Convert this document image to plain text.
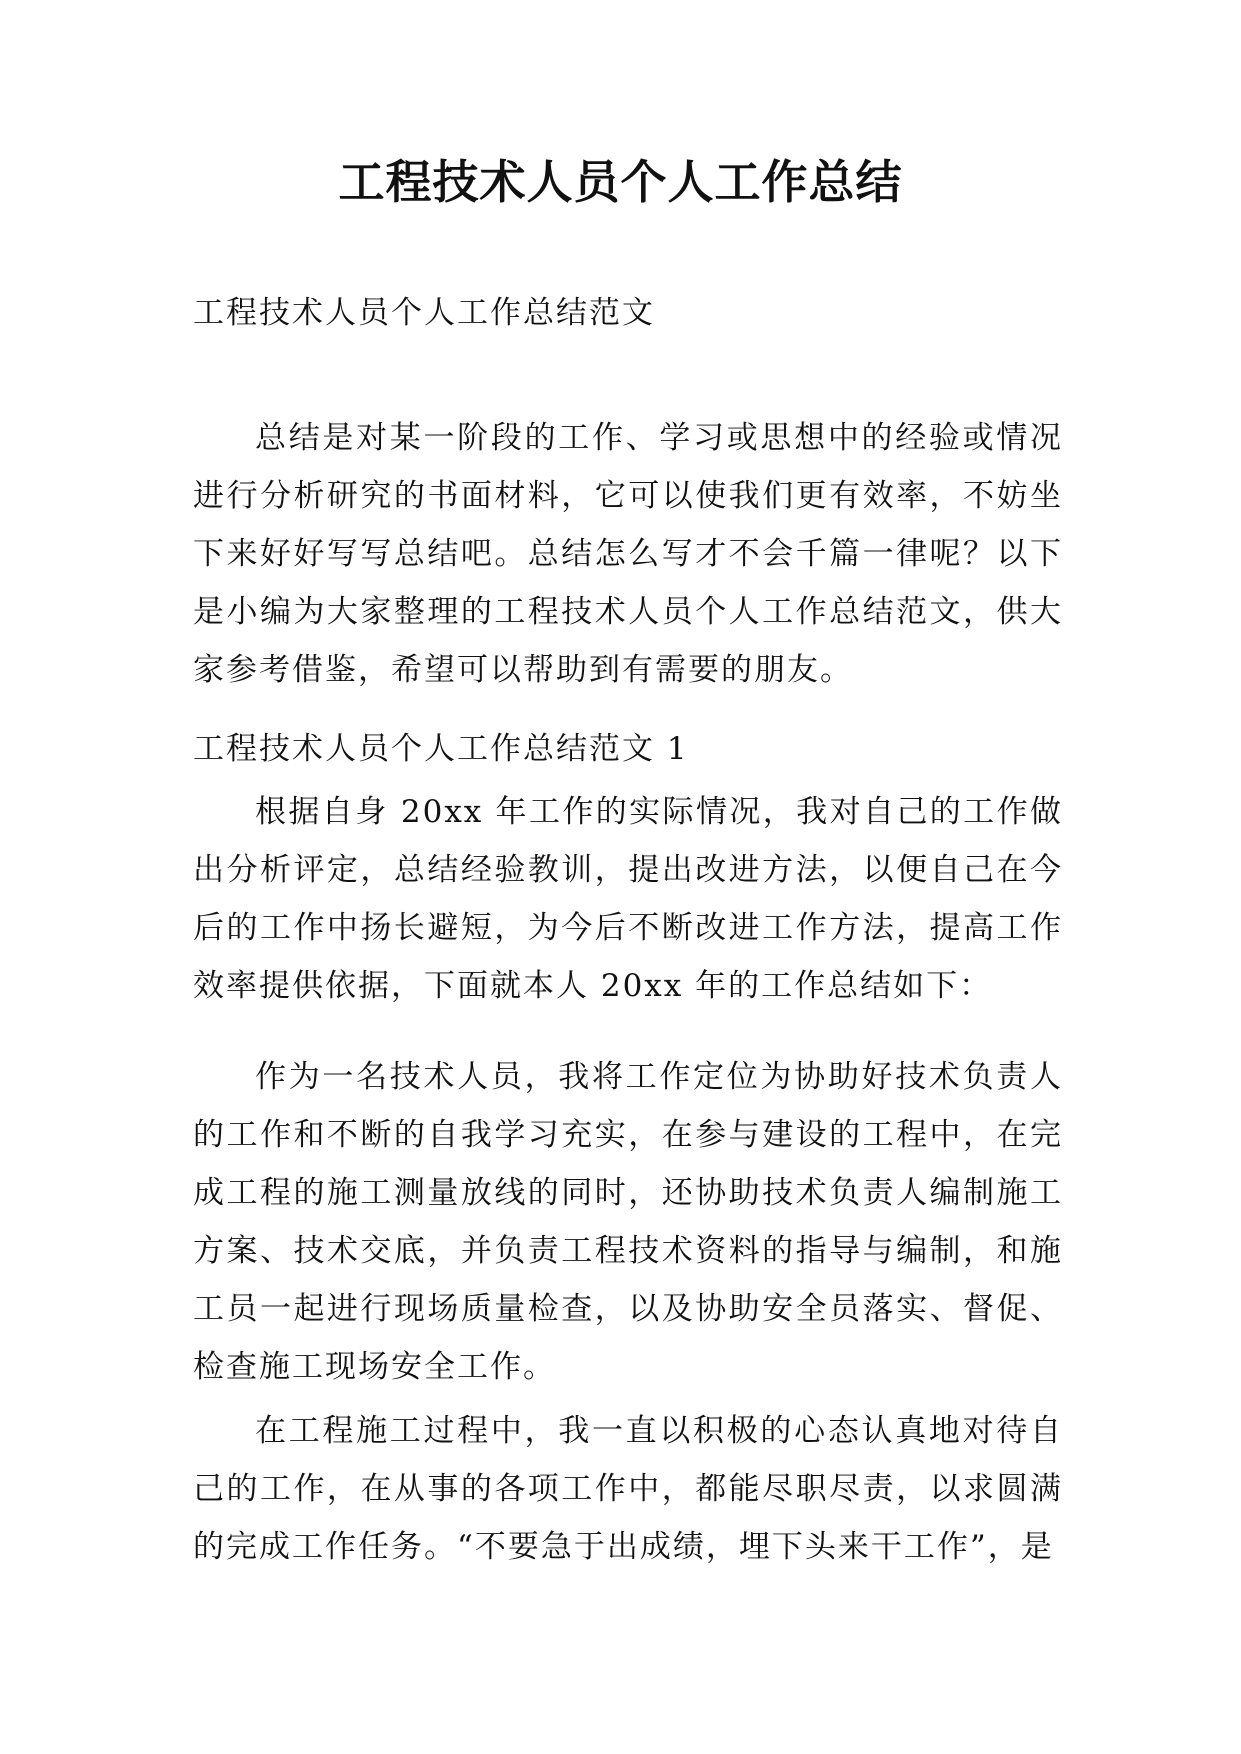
工程技术人员个人工作总结
工程技术人员个人工作总结范文

总结是对某一阶段的工作、学习或思想中的经验或情况进行分析研究的书面材料，它可以使我们更有效率，不妨坐下来好好写写总结吧。总结怎么写才不会千篇一律呢？以下是小编为大家整理的工程技术人员个人工作总结范文，供大家参考借鉴，希望可以帮助到有需要的朋友。

工程技术人员个人工作总结范文 1

根据自身 20xx 年工作的实际情况，我对自己的工作做出分析评定，总结经验教训，提出改进方法，以便自己在今后的工作中扬长避短，为今后不断改进工作方法，提高工作效率提供依据，下面就本人 20xx 年的工作总结如下：

作为一名技术人员，我将工作定位为协助好技术负责人的工作和不断的自我学习充实，在参与建设的工程中，在完成工程的施工测量放线的同时，还协助技术负责人编制施工方案、技术交底，并负责工程技术资料的指导与编制，和施工员一起进行现场质量检查，以及协助安全员落实、督促、检查施工现场安全工作。

在工程施工过程中，我一直以积极的心态认真地对待自己的工作，在从事的各项工作中，都能尽职尽责，以求圆满的完成工作任务。“不要急于出成绩，埋下头来干工作”，是
